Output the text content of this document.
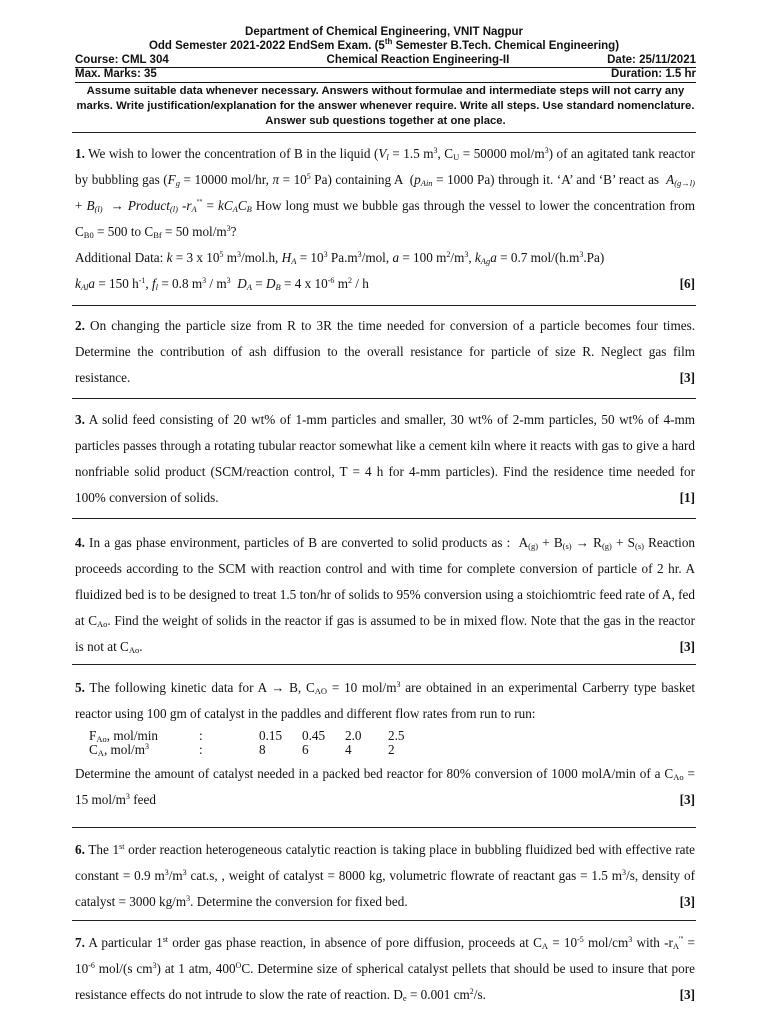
Department of Chemical Engineering, VNIT Nagpur
Odd Semester 2021-2022 EndSem Exam. (5th Semester B.Tech. Chemical Engineering)
Course: CML 304	Chemical Reaction Engineering-II	Date: 25/11/2021
Max. Marks: 35	Duration: 1.5 hr
Assume suitable data whenever necessary. Answers without formulae and intermediate steps will not carry any marks. Write justification/explanation for the answer whenever require. Write all steps. Use standard nomenclature. Answer sub questions together at one place.

1. We wish to lower the concentration of B in the liquid ($V_l = 1.5$ $m^3$, $C_U = 50000$ mol/$m^3$) of an agitated tank reactor by bubbling gas ($F_g = 10000$ mol/hr, $\pi = 10^5$ Pa) containing A  ($p_{Ain} = 1000$ Pa) through it. ‘A’ and ‘B’ react as  $A_{(g\to l)} + B_{(l)}$  → Product$_{(l)}$ $-r_A'''' = kC_AC_B$ How long must we bubble gas through the vessel to lower the concentration from $C_{B0} = 500$ to $C_{Bf} = 50$ mol/$m^3$?

Additional Data: k = 3 x $10^5$ $m^3/mol.h$, $H_A = 10^3$ $Pa.m^3$/mol, a = 100 $m^2/m^3$, $k_{Ag}a = 0.7$ mol/$(h.m^3.Pa)$

$k_{Al}a = 150$ $h^{-1}$, $f_l = 0.8$ $m^3 / m^3$ $D_A = D_B = 4$ x $10^{-6}$ $m^2$ / h	[6]

2. On changing the particle size from R to 3R the time needed for conversion of a particle becomes four times. Determine the contribution of ash diffusion to the overall resistance for particle of size R. Neglect gas film resistance.	[3]

3. A solid feed consisting of 20 wt% of 1-mm particles and smaller, 30 wt% of 2-mm particles, 50 wt% of 4-mm particles passes through a rotating tubular reactor somewhat like a cement kiln where it reacts with gas to give a hard nonfriable solid product (SCM/reaction control, T = 4 h for 4-mm particles). Find the residence time needed for 100% conversion of solids.	[1]

4. In a gas phase environment, particles of B are converted to solid products as :  $A_{(g)} + B_{(s)} \to R_{(g)} + S_{(s)}$ Reaction proceeds according to the SCM with reaction control and with time for complete conversion of particle of 2 hr. A fluidized bed is to be designed to treat 1.5 ton/hr of solids to 95% conversion using a stoichiomtric feed rate of A, fed at $C_{Ao}$. Find the weight of solids in the reactor if gas is assumed to be in mixed flow. Note that the gas in the reactor is not at $C_{Ao}$.	[3]

5. The following kinetic data for A → B, $C_{AO} = 10$ mol/$m^3$ are obtained in an experimental Carberry type basket reactor using 100 gm of catalyst in the paddles and different flow rates from run to run:

$F_{Ao}$, mol/min	:	0.15	0.45	2.0	2.5
$C_A$, mol/$m^3$	:	8	6	4	2

Determine the amount of catalyst needed in a packed bed reactor for 80% conversion of 1000 molA/min of a $C_{Ao} = 15$ mol/$m^3$ feed	[3]

6. The 1st order reaction heterogeneous catalytic reaction is taking place in bubbling fluidized bed with effective rate constant = 0.9 $m^3/m^3$ cat.s, , weight of catalyst = 8000 kg, volumetric flowrate of reactant gas = 1.5 $m^3/s$, density of catalyst = 3000 $kg/m^3$. Determine the conversion for fixed bed.	[3]

7. A particular 1st order gas phase reaction, in absence of pore diffusion, proceeds at $C_A = 10^{-5}$ mol/$cm^3$ with $-r_A''' = 10^{-6}$ mol/(s $cm^3$) at 1 atm, $400^OC$. Determine size of spherical catalyst pellets that should be used to insure that pore resistance effects do not intrude to slow the rate of reaction. $D_e = 0.001$ $cm^2/s$.	[3]
